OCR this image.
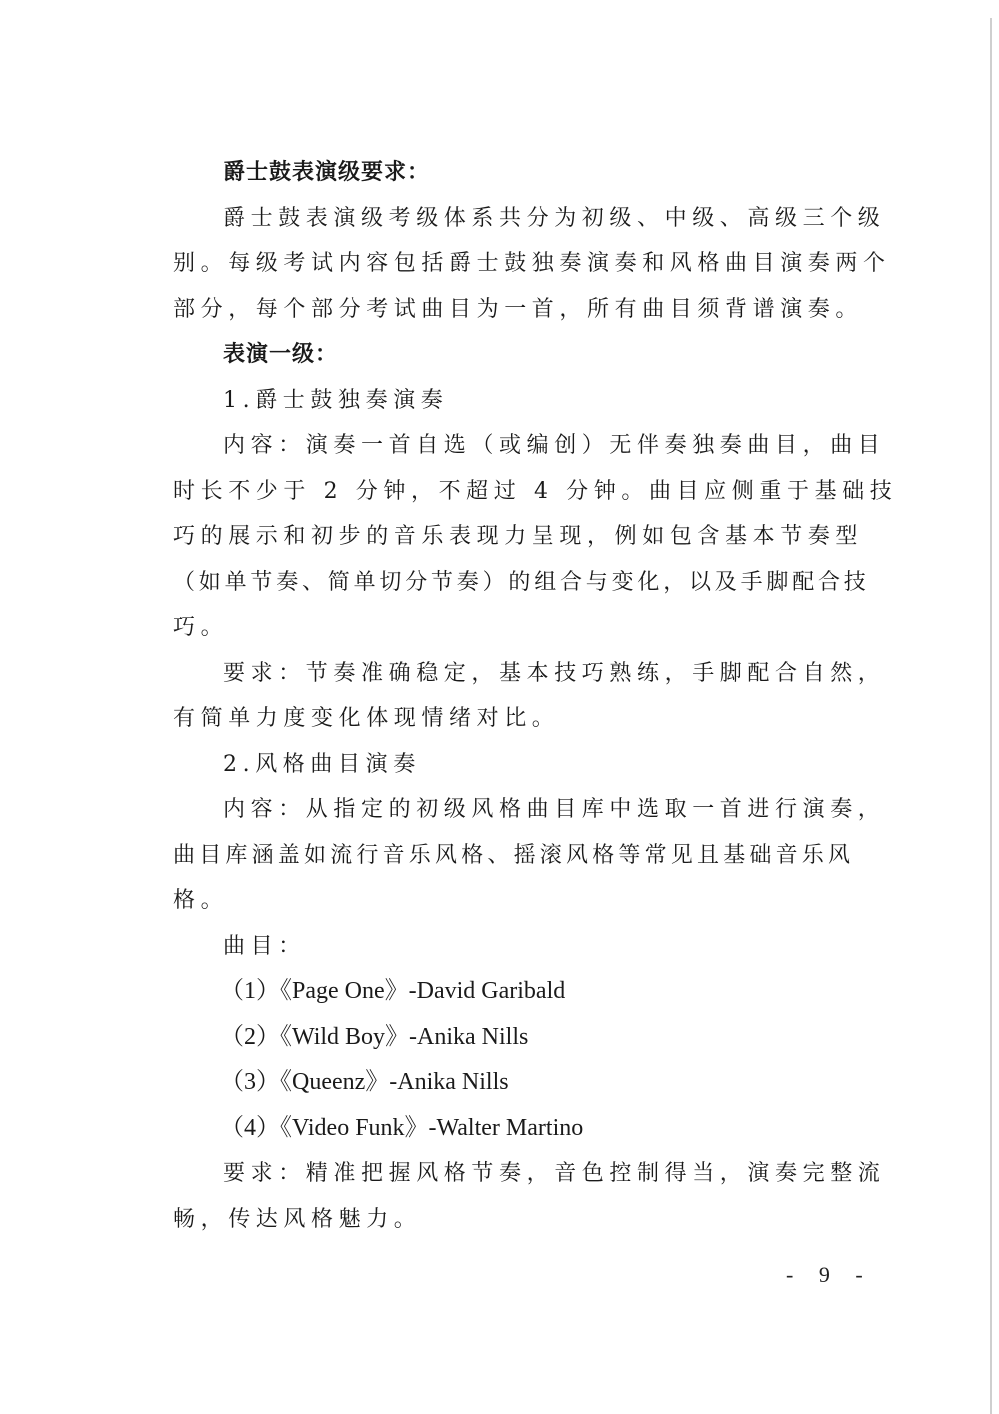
爵士鼓表演级要求：
爵士鼓表演级考级体系共分为初级、中级、高级三个级
别。每级考试内容包括爵士鼓独奏演奏和风格曲目演奏两个
部分，每个部分考试曲目为一首，所有曲目须背谱演奏。
表演一级：
1.爵士鼓独奏演奏
内容：演奏一首自选（或编创）无伴奏独奏曲目，曲目
时长不少于 2 分钟，不超过 4 分钟。曲目应侧重于基础技
巧的展示和初步的音乐表现力呈现，例如包含基本节奏型
（如单节奏、简单切分节奏）的组合与变化，以及手脚配合技
巧。
要求：节奏准确稳定，基本技巧熟练，手脚配合自然，
有简单力度变化体现情绪对比。
2.风格曲目演奏
内容：从指定的初级风格曲目库中选取一首进行演奏，
曲目库涵盖如流行音乐风格、摇滚风格等常见且基础音乐风
格。
曲目：
（1）《Page One》-David Garibald
（2）《Wild Boy》-Anika Nills
（3）《Queenz》-Anika Nills
（4）《Video Funk》-Walter Martino
要求：精准把握风格节奏，音色控制得当，演奏完整流
畅，传达风格魅力。
- 9 -
